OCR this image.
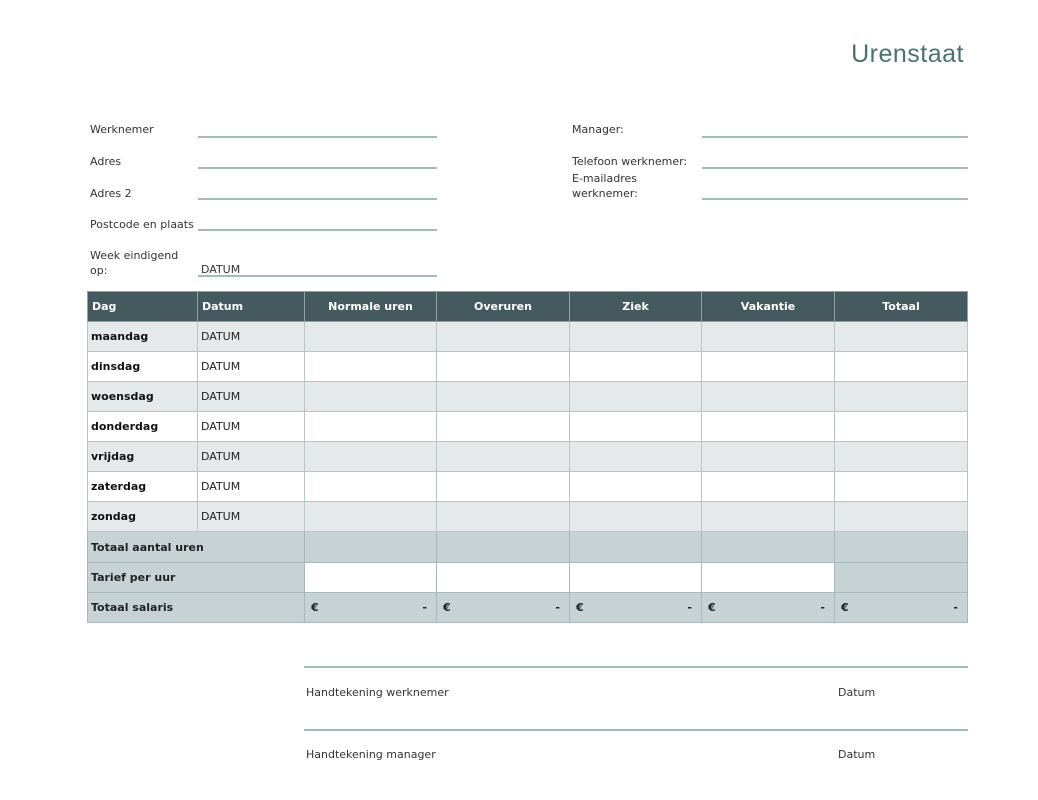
Urenstaat
Werknemer
Adres
Adres 2
Postcode en plaats
Week eindigend op:	DATUM
Manager:
Telefoon werknemer:
E-mailadres werknemer:
Dag	Datum	Normale uren	Overuren	Ziek	Vakantie	Totaal
maandag	DATUM					
dinsdag	DATUM					
woensdag	DATUM					
donderdag	DATUM					
vrijdag	DATUM					
zaterdag	DATUM					
zondag	DATUM					
Totaal aantal uren						
Tarief per uur						
Totaal salaris		€ -	€ -	€ -	€ -	€ -
Handtekening werknemer	Datum
Handtekening manager	Datum
